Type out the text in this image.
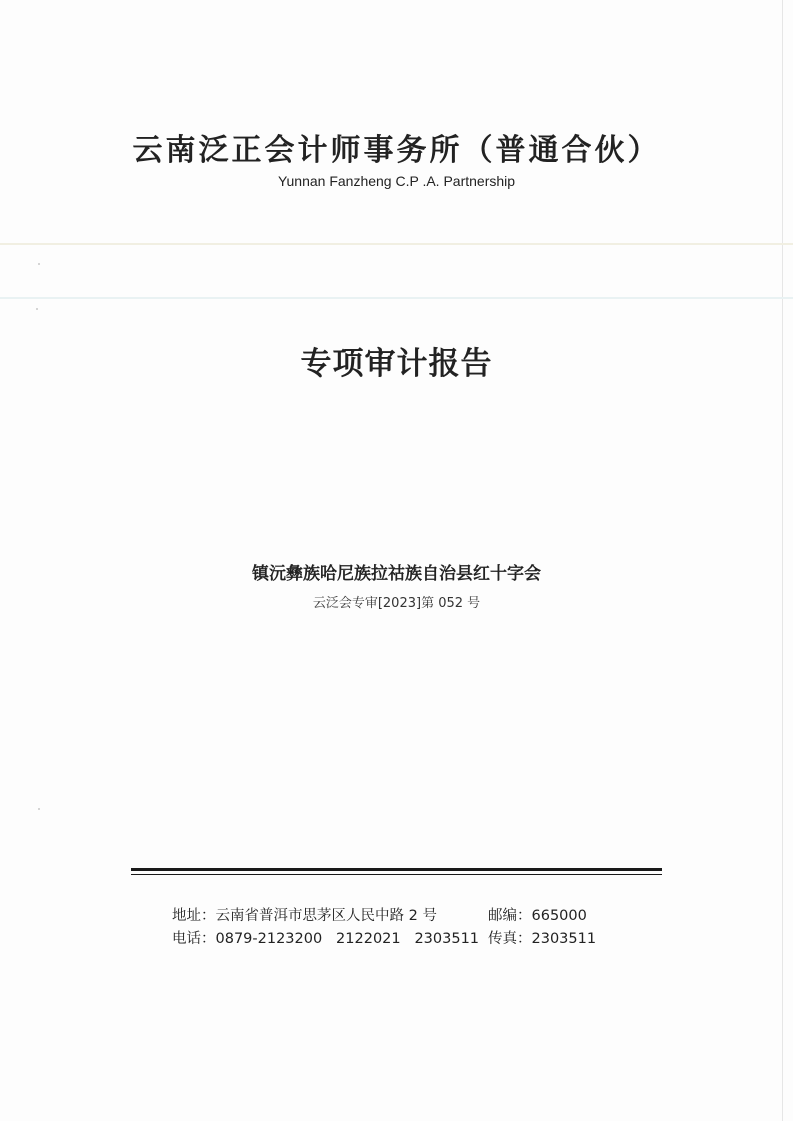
云南泛正会计师事务所（普通合伙）
Yunnan Fanzheng C.P .A. Partnership
专项审计报告
镇沅彝族哈尼族拉祜族自治县红十字会
云泛会专审[2023]第 052 号
地址：云南省普洱市思茅区人民中路 2 号	邮编：665000
电话：0879-2123200   2122021   2303511 传真：2303511
